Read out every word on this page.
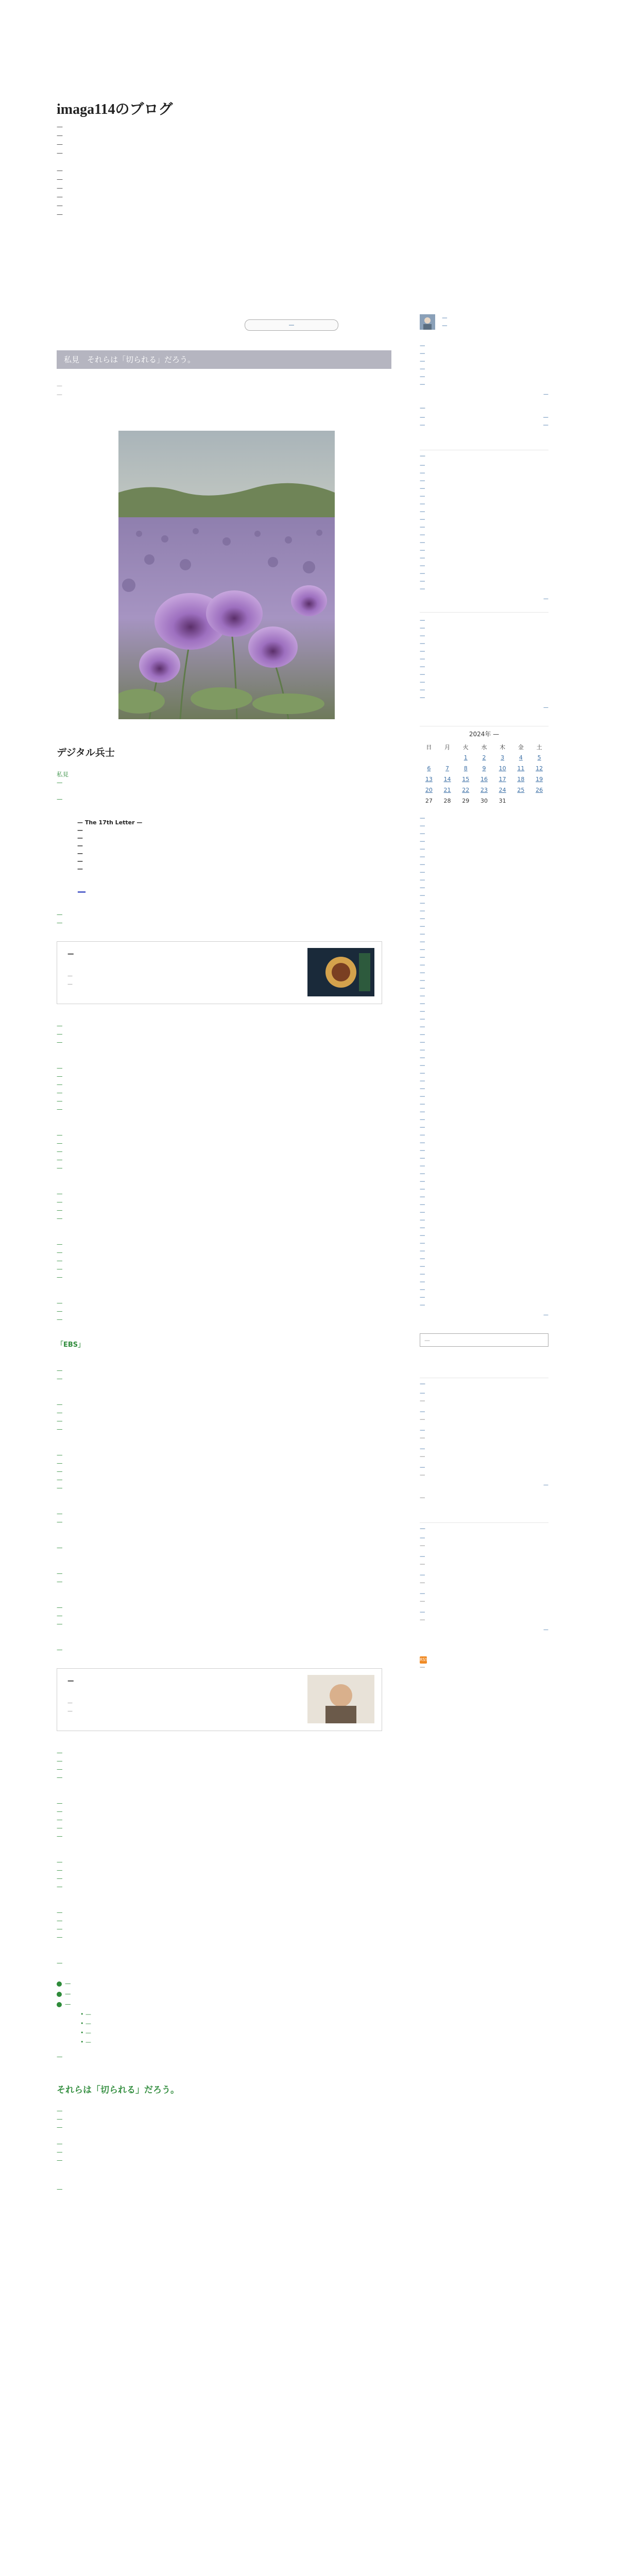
imaga114のブログ
—
—
—
—
—
—
—
—
—
—
—
私見　それらは「切られる」だろう。
—
—
デジタル兵士
私見
—
—
— The 17th Letter —
—
—
—
—
—
—
—
—
—
—
—
—
—
—
—
—
—
—
—
—
—
—
—
—
—
—
—
—
—
—
—
—
—
—
—
—
—
—
「EBS」
—
—
—
—
—
—
—
—
—
—
—
—
—
—
—
—
—
—
—
—
—
—
—
—
—
—
—
—
—
—
—
—
—
—
—
—
—
—
—
—
—
—
—
—
• —
• —
• —
• —
—
それらは「切られる」だろう。
—
—
—
—
—
—
—

—
—
—
—
—
—
—
—
—
—
—	—
—	—
—
—
—
—
—
—
—
—
—
—
—
—
—
—
—
—
—
—
—
—
—
—
—
—
—
—
—
—
—
—
—
2024年 —
日	月	火	水	木	金	土
		1	2	3	4	5
6	7	8	9	10	11	12
13	14	15	16	17	18	19
20	21	22	23	24	25	26
27	28	29	30	31		
—
—
—
—
—
—
—
—
—
—
—
—
—
—
—
—
—
—
—
—
—
—
—
—
—
—
—
—
—
—
—
—
—
—
—
—
—
—
—
—
—
—
—
—
—
—
—
—
—
—
—
—
—
—
—
—
—
—
—
—
—
—
—
—
—
—
—
—
—
—
—
—
—
—
—
—
—
—
—
—
—
—
—
—
—
—
—
—
—
—
—
RSS
—
